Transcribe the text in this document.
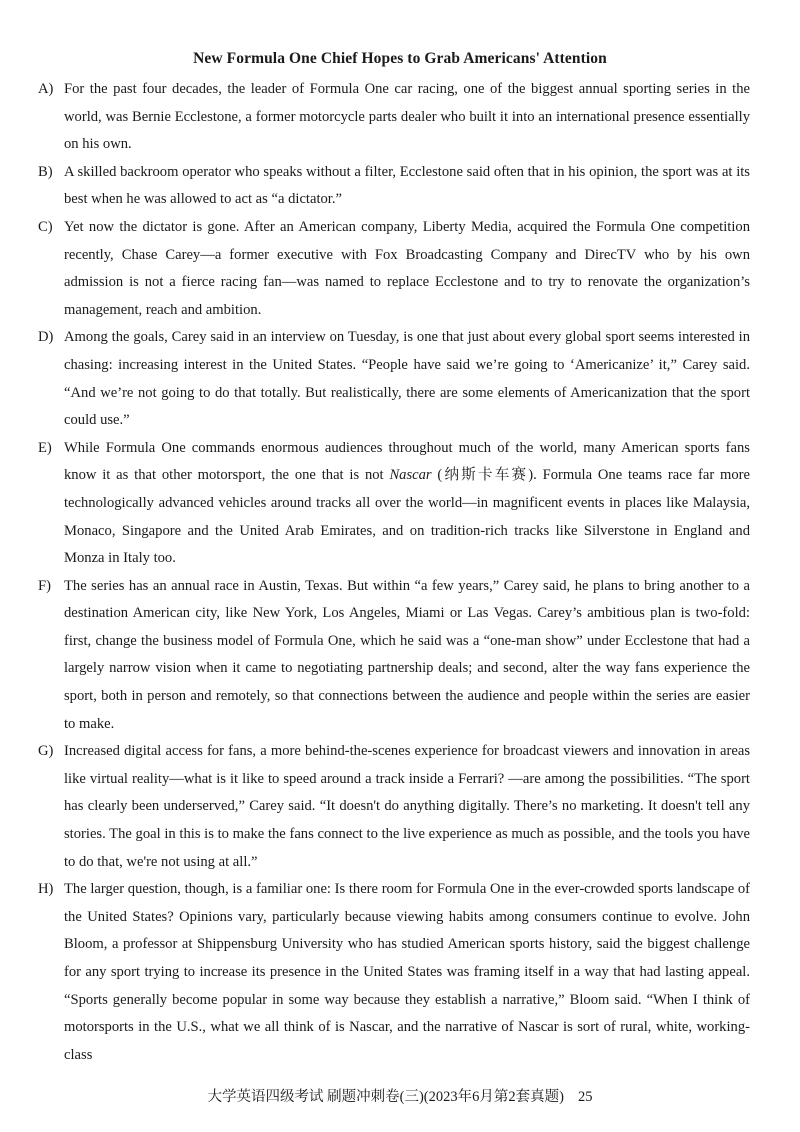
New Formula One Chief Hopes to Grab Americans' Attention
A) For the past four decades, the leader of Formula One car racing, one of the biggest annual sporting series in the world, was Bernie Ecclestone, a former motorcycle parts dealer who built it into an international presence essentially on his own.
B) A skilled backroom operator who speaks without a filter, Ecclestone said often that in his opinion, the sport was at its best when he was allowed to act as “a dictator.”
C) Yet now the dictator is gone. After an American company, Liberty Media, acquired the Formula One competition recently, Chase Carey—a former executive with Fox Broadcasting Company and DirecTV who by his own admission is not a fierce racing fan—was named to replace Ecclestone and to try to renovate the organization’s management, reach and ambition.
D) Among the goals, Carey said in an interview on Tuesday, is one that just about every global sport seems interested in chasing: increasing interest in the United States. “People have said we’re going to ‘Americanize’ it,” Carey said. “And we’re not going to do that totally. But realistically, there are some elements of Americanization that the sport could use.”
E) While Formula One commands enormous audiences throughout much of the world, many American sports fans know it as that other motorsport, the one that is not Nascar (纳斯卡车赛). Formula One teams race far more technologically advanced vehicles around tracks all over the world—in magnificent events in places like Malaysia, Monaco, Singapore and the United Arab Emirates, and on tradition-rich tracks like Silverstone in England and Monza in Italy too.
F) The series has an annual race in Austin, Texas. But within “a few years,” Carey said, he plans to bring another to a destination American city, like New York, Los Angeles, Miami or Las Vegas. Carey’s ambitious plan is two-fold: first, change the business model of Formula One, which he said was a “one-man show” under Ecclestone that had a largely narrow vision when it came to negotiating partnership deals; and second, alter the way fans experience the sport, both in person and remotely, so that connections between the audience and people within the series are easier to make.
G) Increased digital access for fans, a more behind-the-scenes experience for broadcast viewers and innovation in areas like virtual reality—what is it like to speed around a track inside a Ferrari? —are among the possibilities. “The sport has clearly been underserved,” Carey said. “It doesn't do anything digitally. There’s no marketing. It doesn't tell any stories. The goal in this is to make the fans connect to the live experience as much as possible, and the tools you have to do that, we're not using at all.”
H) The larger question, though, is a familiar one: Is there room for Formula One in the ever-crowded sports landscape of the United States? Opinions vary, particularly because viewing habits among consumers continue to evolve. John Bloom, a professor at Shippensburg University who has studied American sports history, said the biggest challenge for any sport trying to increase its presence in the United States was framing itself in a way that had lasting appeal. “Sports generally become popular in some way because they establish a narrative,” Bloom said. “When I think of motorsports in the U.S., what we all think of is Nascar, and the narrative of Nascar is sort of rural, white, working-class
大学英语四级考试 刷题冲刺卷(三)(2023年6月第2套真题) 25
